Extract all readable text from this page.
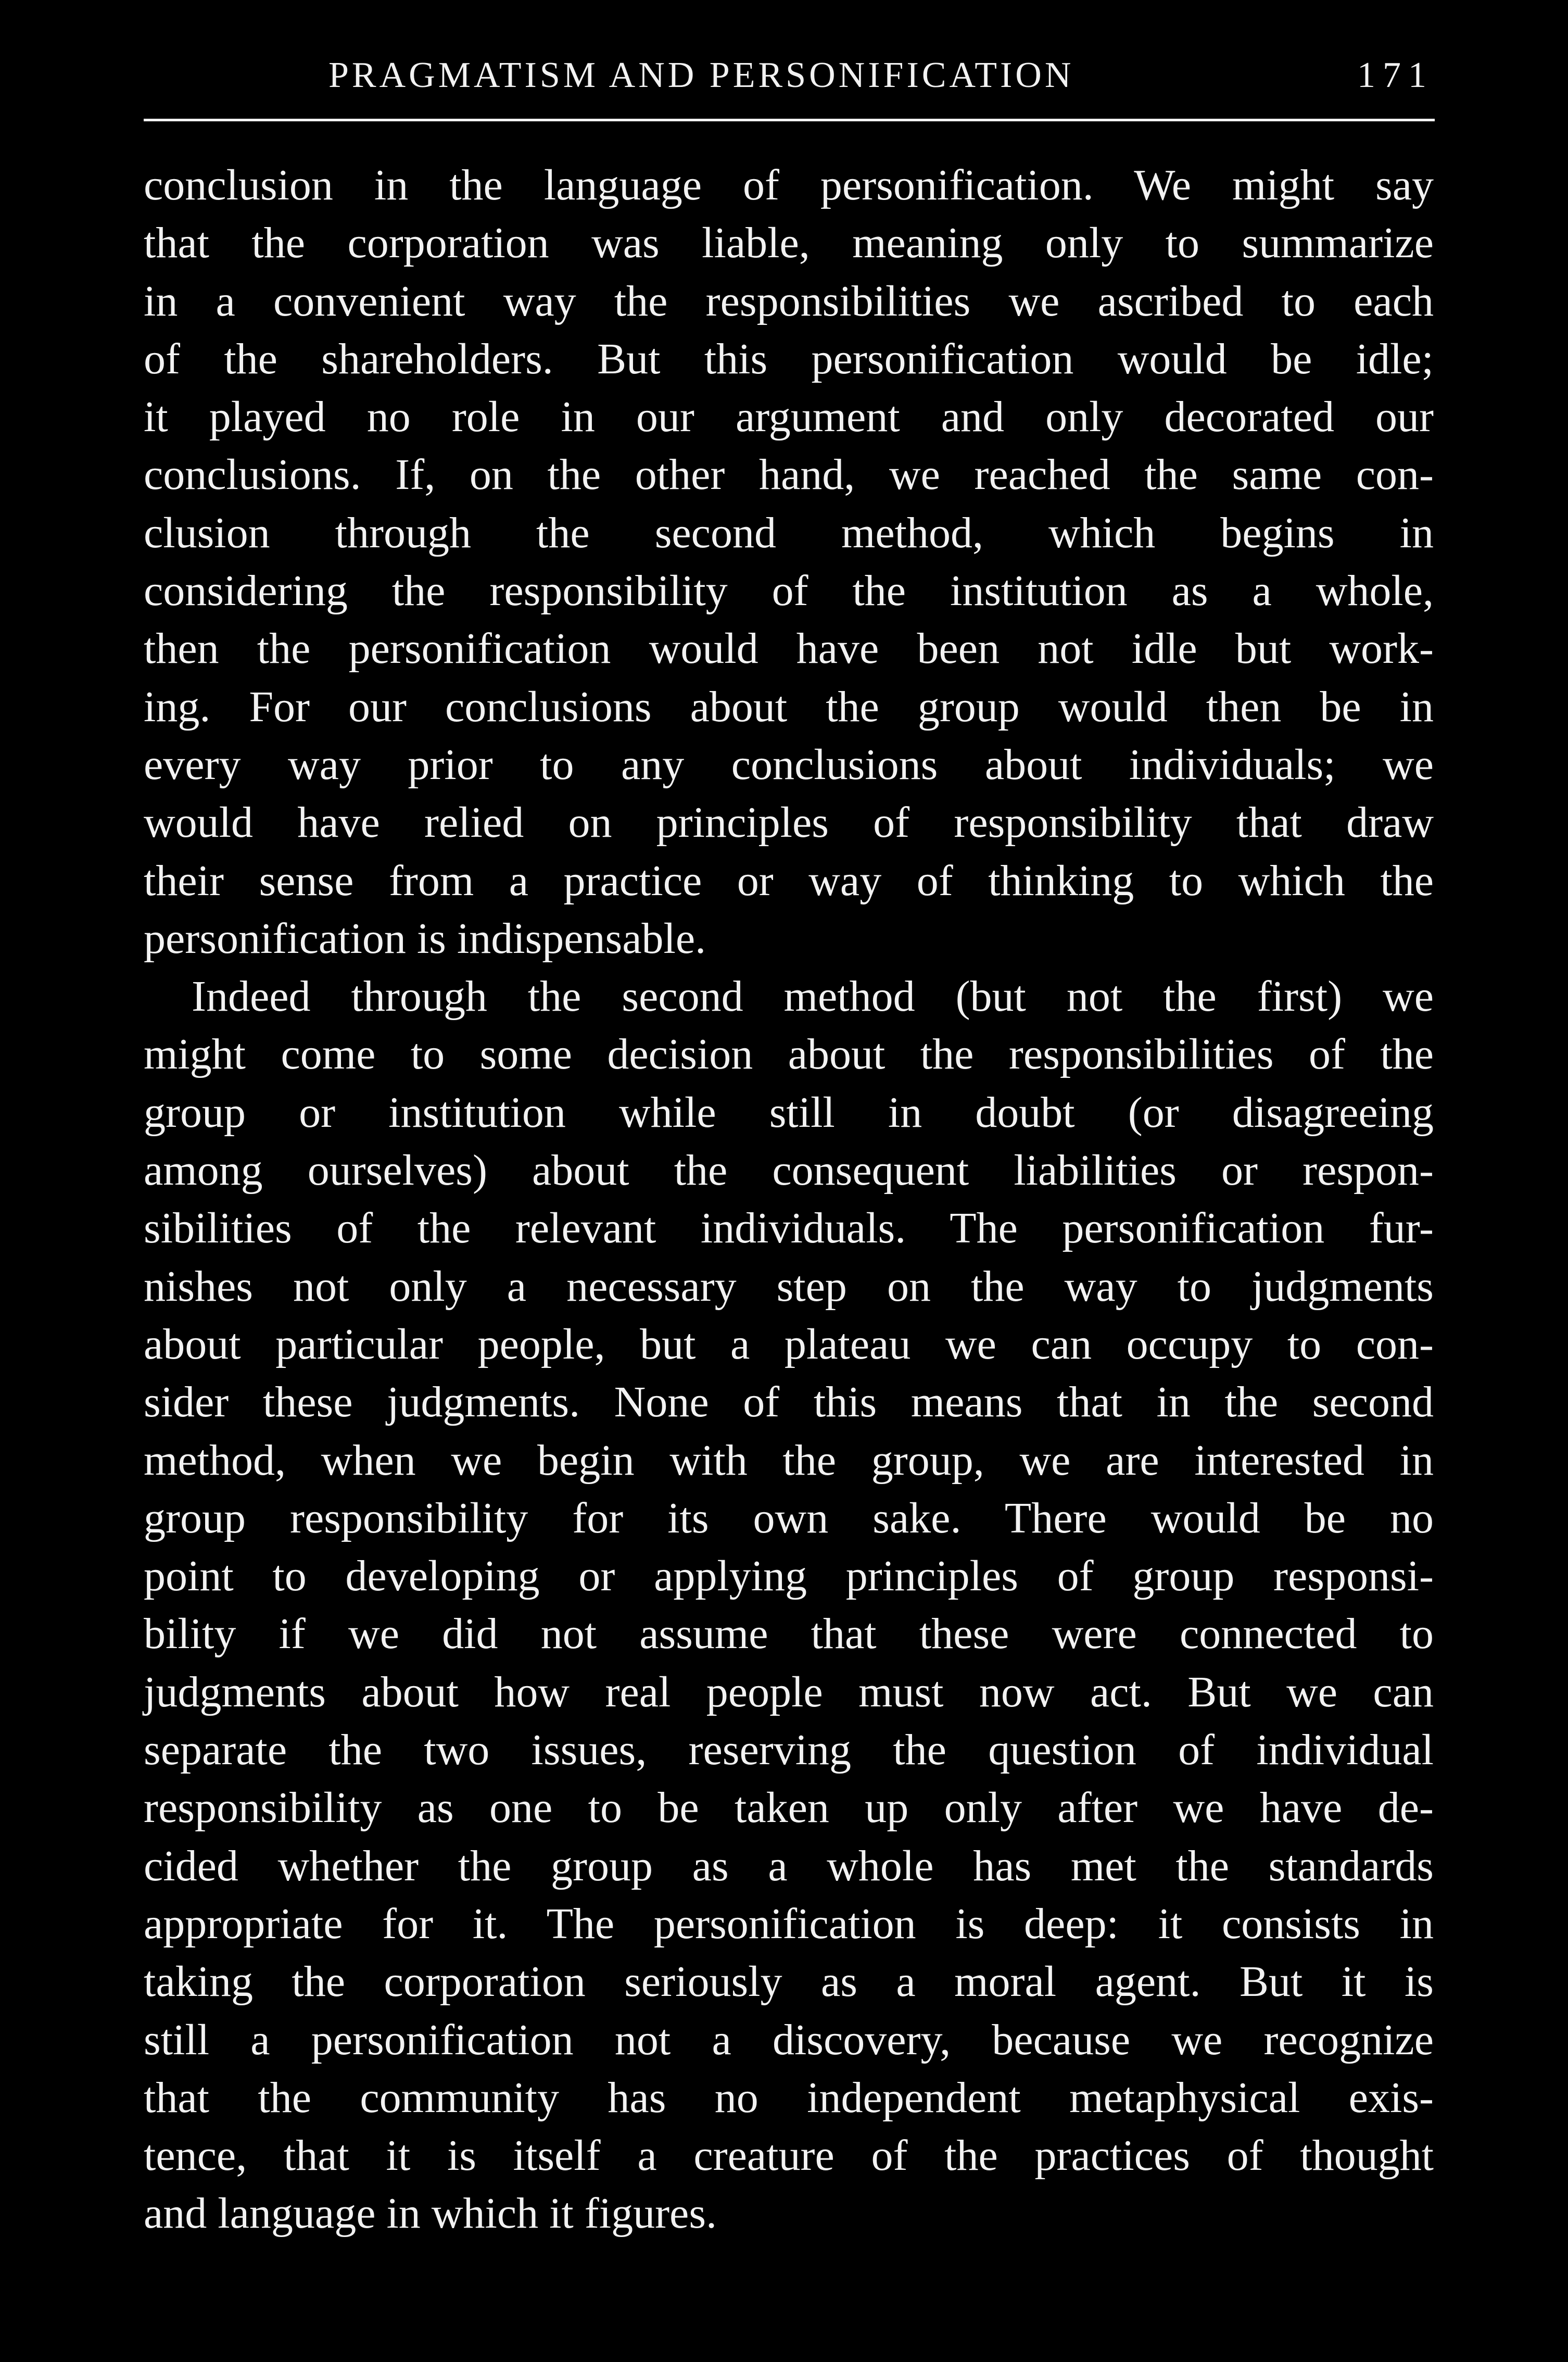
PRAGMATISM AND PERSONIFICATION	171
conclusion in the language of personification. We might say
that the corporation was liable, meaning only to summarize
in a convenient way the responsibilities we ascribed to each
of the shareholders. But this personification would be idle;
it played no role in our argument and only decorated our
conclusions. If, on the other hand, we reached the same con-
clusion through the second method, which begins in
considering the responsibility of the institution as a whole,
then the personification would have been not idle but work-
ing. For our conclusions about the group would then be in
every way prior to any conclusions about individuals; we
would have relied on principles of responsibility that draw
their sense from a practice or way of thinking to which the
personification is indispensable.
Indeed through the second method (but not the first) we
might come to some decision about the responsibilities of the
group or institution while still in doubt (or disagreeing
among ourselves) about the consequent liabilities or respon-
sibilities of the relevant individuals. The personification fur-
nishes not only a necessary step on the way to judgments
about particular people, but a plateau we can occupy to con-
sider these judgments. None of this means that in the second
method, when we begin with the group, we are interested in
group responsibility for its own sake. There would be no
point to developing or applying principles of group responsi-
bility if we did not assume that these were connected to
judgments about how real people must now act. But we can
separate the two issues, reserving the question of individual
responsibility as one to be taken up only after we have de-
cided whether the group as a whole has met the standards
appropriate for it. The personification is deep: it consists in
taking the corporation seriously as a moral agent. But it is
still a personification not a discovery, because we recognize
that the community has no independent metaphysical exis-
tence, that it is itself a creature of the practices of thought
and language in which it figures.
